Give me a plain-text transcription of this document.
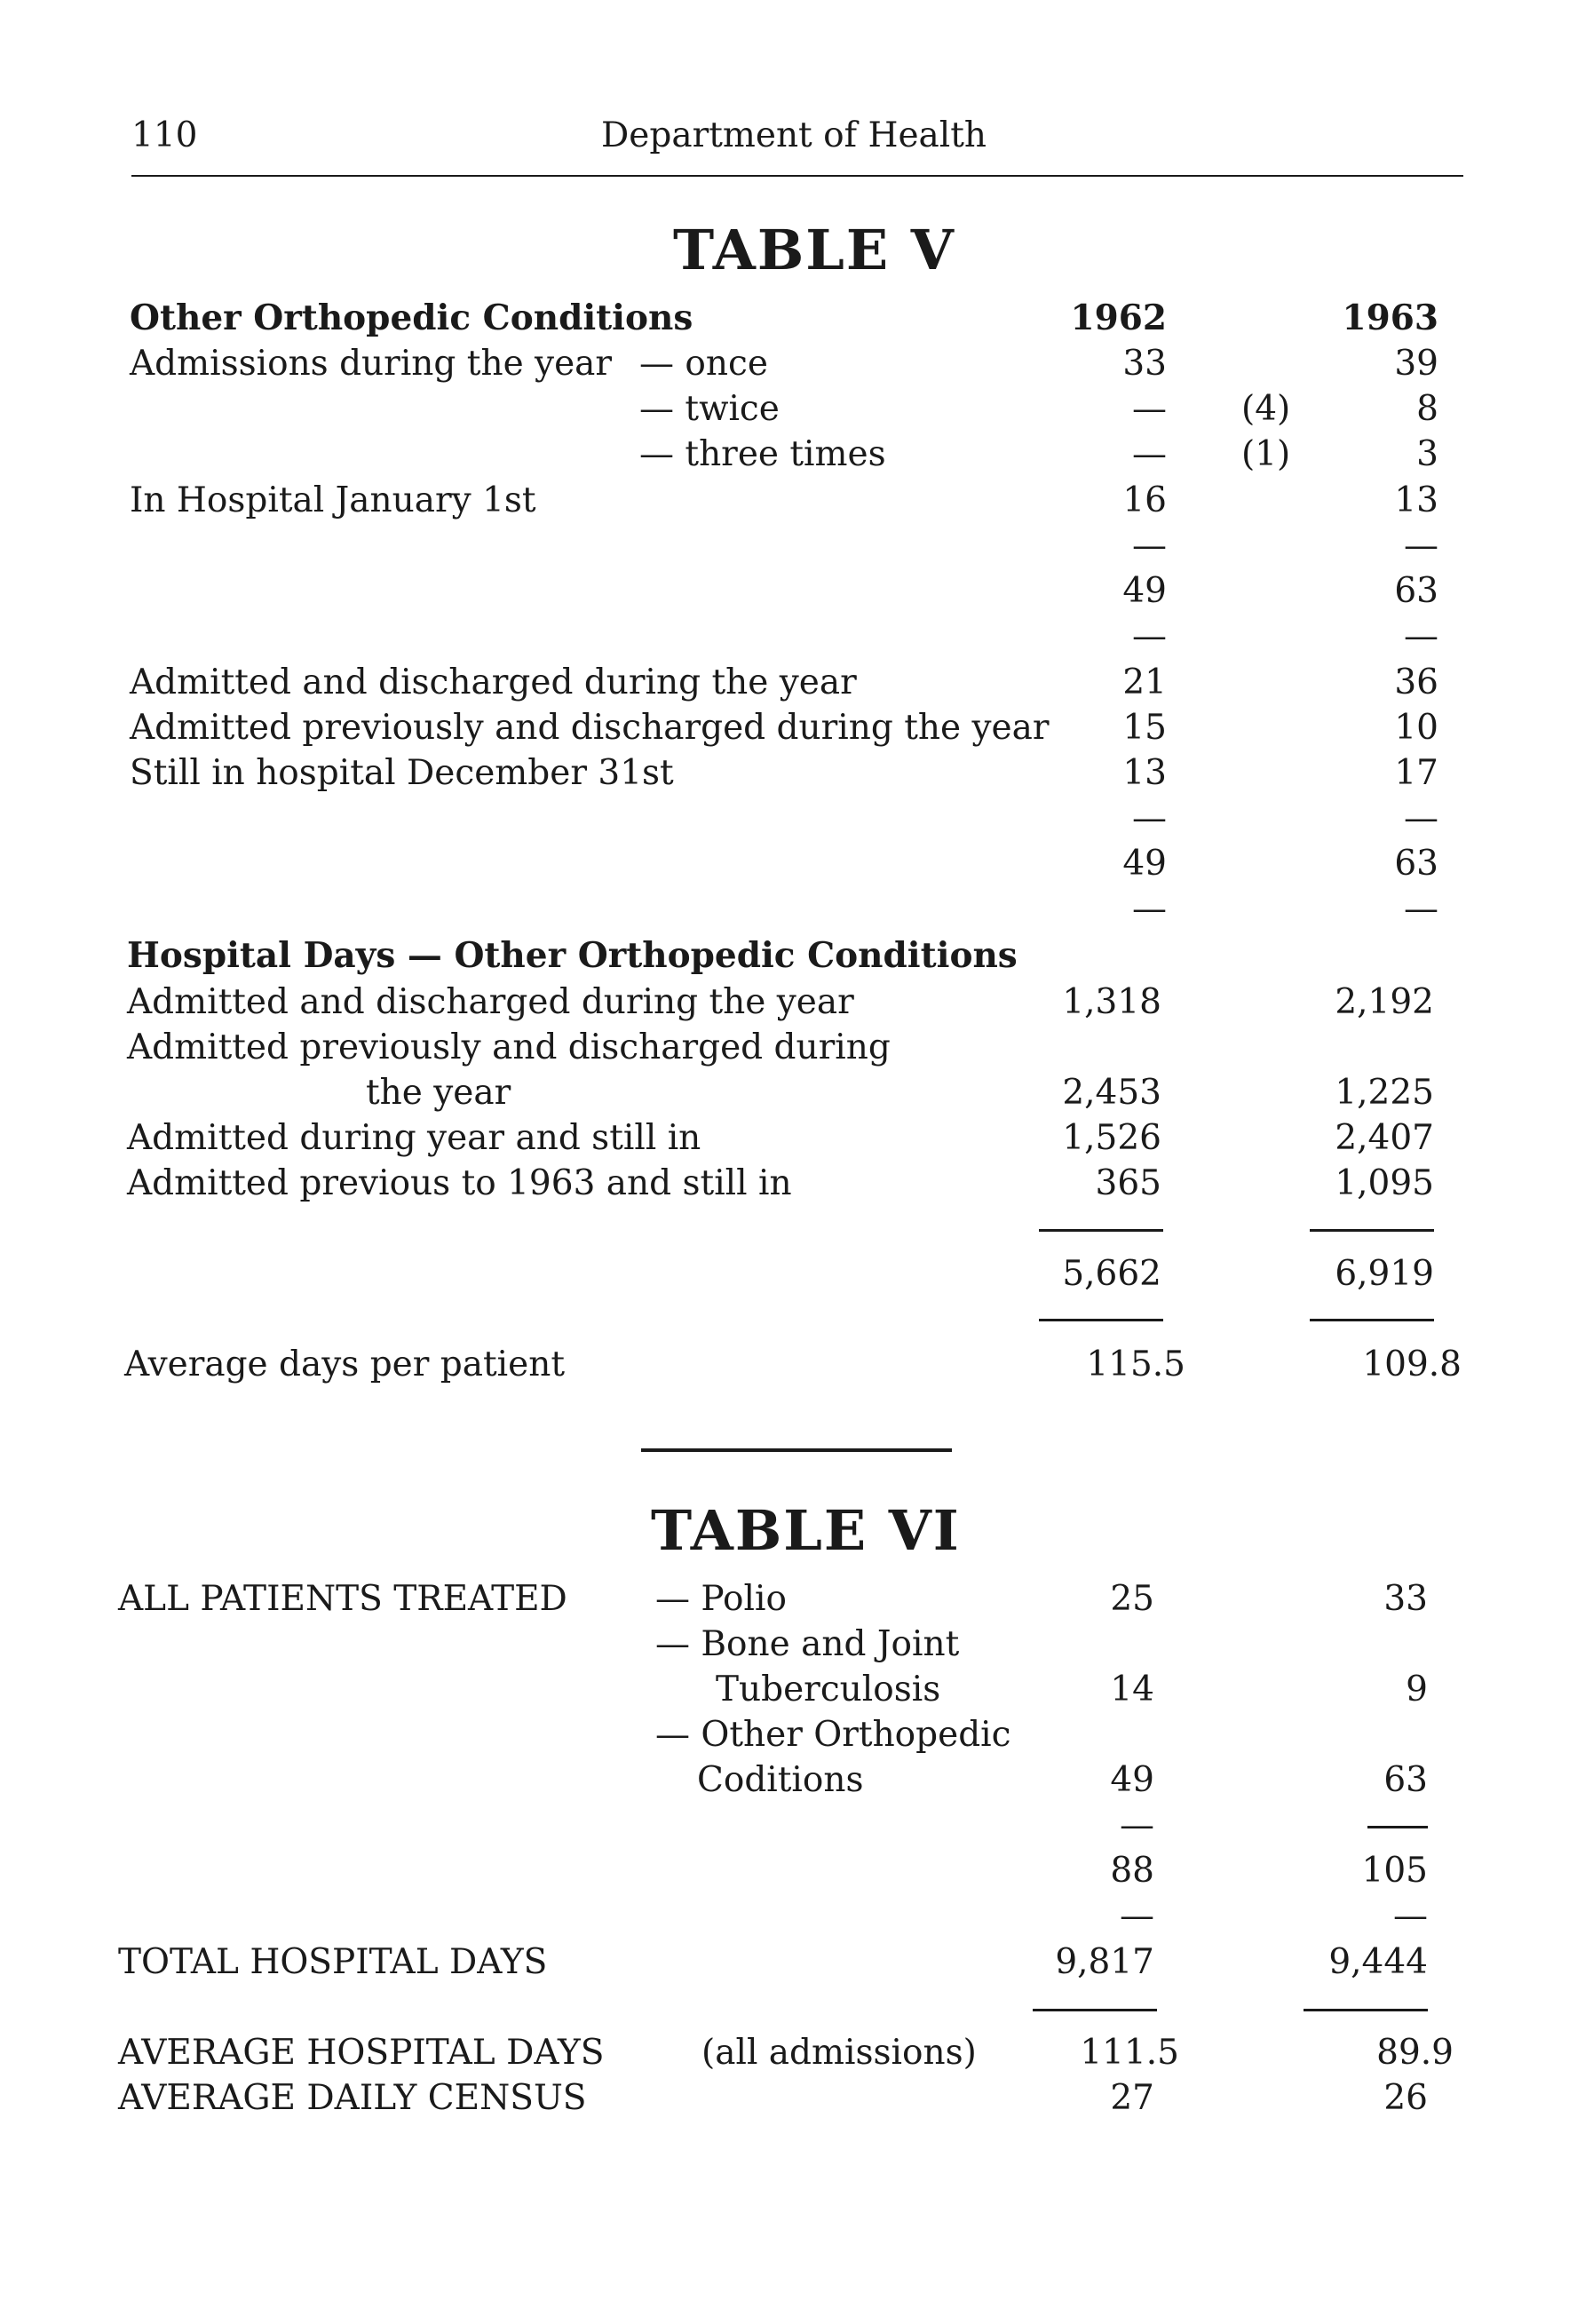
110	Department of Health
TABLE V
Other Orthopedic Conditions	1962	1963
Admissions during the year — once	33	39
— twice	— (4)	8
— three times	— (1)	3
In Hospital January 1st	16	13
—	—
49	63
—	—
Admitted and discharged during the year	21	36
Admitted previously and discharged during the year	15	10
Still in hospital December 31st	13	17
—	—
49	63
—	—
Hospital Days — Other Orthopedic Conditions
Admitted and discharged during the year	1,318	2,192
Admitted previously and discharged during
the year	2,453	1,225
Admitted during year and still in	1,526	2,407
Admitted previous to 1963 and still in	365	1,095
5,662	6,919
Average days per patient	115.5	109.8
TABLE VI
ALL PATIENTS TREATED	— Polio	25	33
— Bone and Joint
Tuberculosis	14	9
— Other Orthopedic
Coditions	49	63
—
88	105
—	—
TOTAL HOSPITAL DAYS	9,817	9,444
AVERAGE HOSPITAL DAYS	(all admissions)	111.5	89.9
AVERAGE DAILY CENSUS	27	26
